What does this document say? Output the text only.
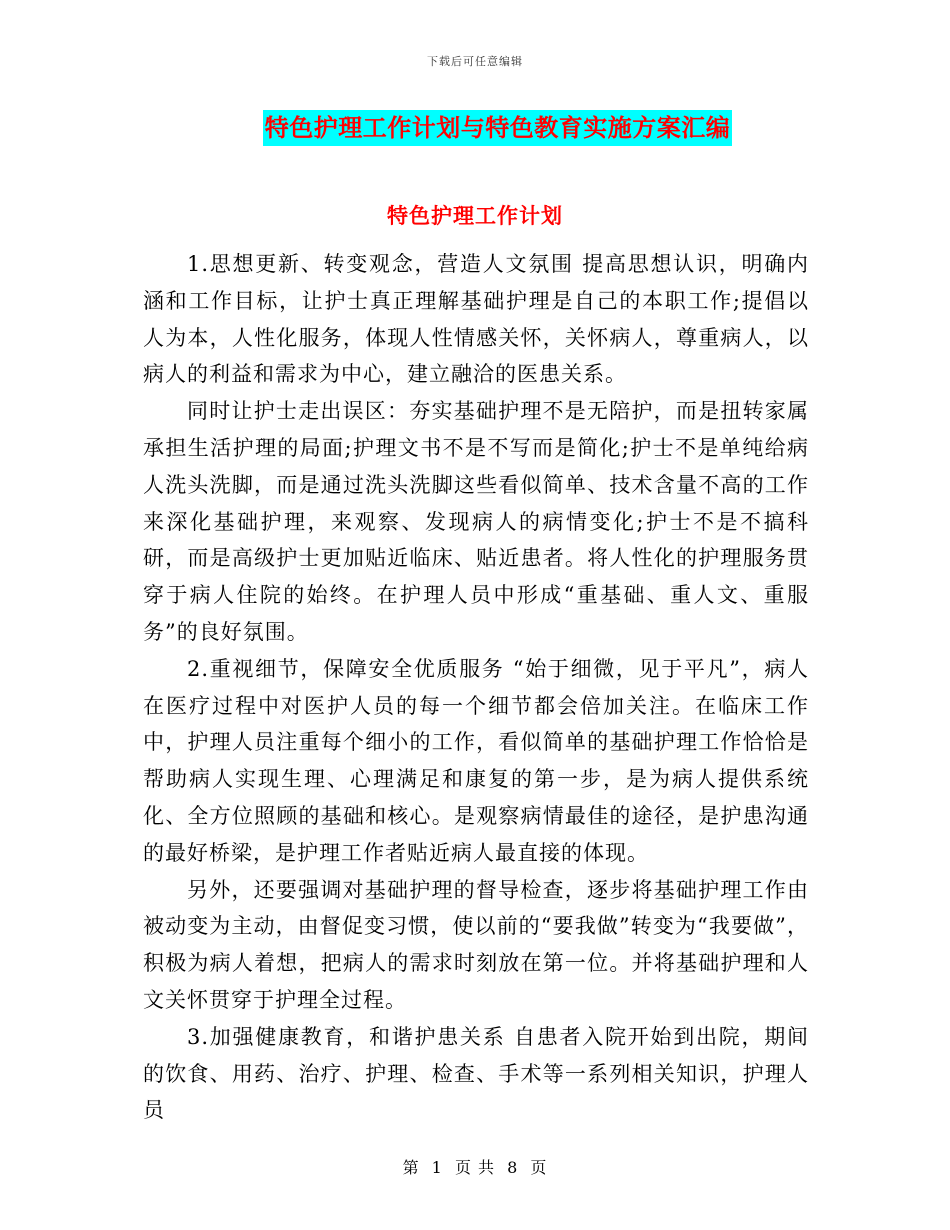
下载后可任意编辑
特色护理工作计划与特色教育实施方案汇编
特色护理工作计划

1.思想更新、转变观念，营造人文氛围 提高思想认识，明确内涵和工作目标，让护士真正理解基础护理是自己的本职工作;提倡以人为本，人性化服务，体现人性情感关怀，关怀病人，尊重病人，以病人的利益和需求为中心，建立融洽的医患关系。

同时让护士走出误区：夯实基础护理不是无陪护，而是扭转家属承担生活护理的局面;护理文书不是不写而是简化;护士不是单纯给病人洗头洗脚，而是通过洗头洗脚这些看似简单、技术含量不高的工作来深化基础护理，来观察、发现病人的病情变化;护士不是不搞科研，而是高级护士更加贴近临床、贴近患者。将人性化的护理服务贯穿于病人住院的始终。在护理人员中形成“重基础、重人文、重服务”的良好氛围。

2.重视细节，保障安全优质服务 “始于细微，见于平凡”，病人在医疗过程中对医护人员的每一个细节都会倍加关注。在临床工作中，护理人员注重每个细小的工作，看似简单的基础护理工作恰恰是帮助病人实现生理、心理满足和康复的第一步，是为病人提供系统化、全方位照顾的基础和核心。是观察病情最佳的途径，是护患沟通的最好桥梁，是护理工作者贴近病人最直接的体现。

另外，还要强调对基础护理的督导检查，逐步将基础护理工作由被动变为主动，由督促变习惯，使以前的“要我做”转变为“我要做”，积极为病人着想，把病人的需求时刻放在第一位。并将基础护理和人文关怀贯穿于护理全过程。

3.加强健康教育，和谐护患关系 自患者入院开始到出院，期间的饮食、用药、治疗、护理、检查、手术等一系列相关知识，护理人员

第 1 页 共 8 页
